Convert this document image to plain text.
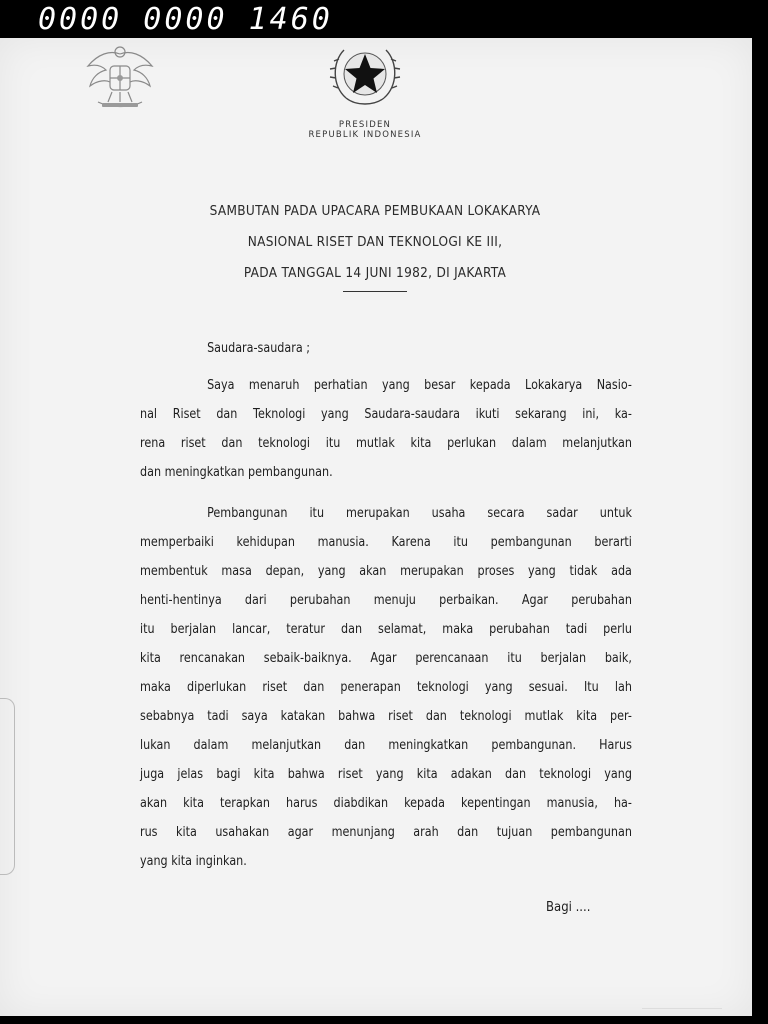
0000 0000 1460
PRESIDEN
REPUBLIK INDONESIA
SAMBUTAN PADA UPACARA PEMBUKAAN LOKAKARYA
NASIONAL RISET DAN TEKNOLOGI KE III,
PADA TANGGAL 14 JUNI 1982, DI JAKARTA
Saudara-saudara ;
Saya menaruh perhatian yang besar kepada Lokakarya Nasio-
nal Riset dan Teknologi yang Saudara-saudara ikuti sekarang ini, ka-
rena riset dan teknologi itu mutlak kita perlukan dalam melanjutkan
dan meningkatkan pembangunan.
Pembangunan itu merupakan usaha secara sadar untuk
memperbaiki kehidupan manusia. Karena itu pembangunan berarti
membentuk masa depan, yang akan merupakan proses yang tidak ada
henti-hentinya dari perubahan menuju perbaikan. Agar perubahan
itu berjalan lancar, teratur dan selamat, maka perubahan tadi perlu
kita rencanakan sebaik-baiknya. Agar perencanaan itu berjalan baik,
maka diperlukan riset dan penerapan teknologi yang sesuai. Itu lah
sebabnya tadi saya katakan bahwa riset dan teknologi mutlak kita per-
lukan dalam melanjutkan dan meningkatkan pembangunan. Harus
juga jelas bagi kita bahwa riset yang kita adakan dan teknologi yang
akan kita terapkan harus diabdikan kepada kepentingan manusia, ha-
rus kita usahakan agar menunjang arah dan tujuan pembangunan
yang kita inginkan.
Bagi ....
